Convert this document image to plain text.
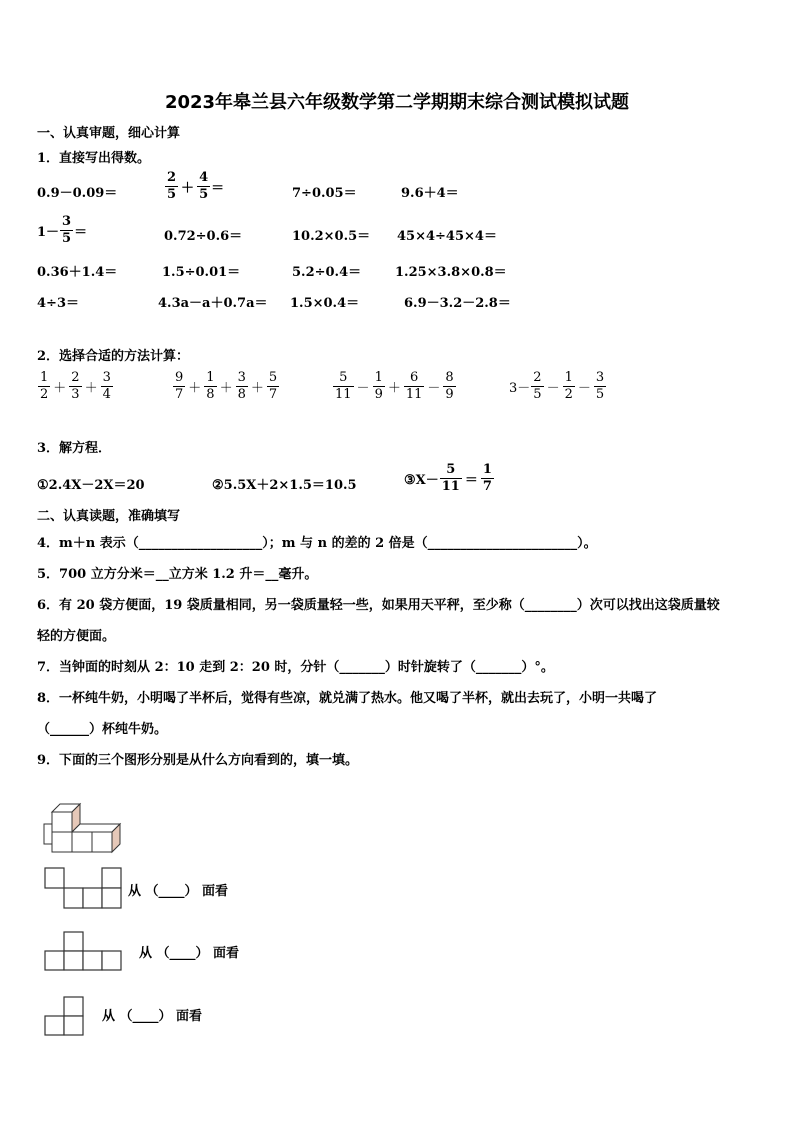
2023年皋兰县六年级数学第二学期期末综合测试模拟试题
一、认真审题，细心计算
1．直接写出得数。
0.9－0.09＝	$\frac{2}{5} + \frac{4}{5}$ ＝	7÷0.05＝	9.6＋4＝
$1- \frac{3}{5}$ ＝	0.72÷0.6＝	10.2×0.5＝ 45×4÷45×4＝
0.36＋1.4＝	1.5÷0.01＝	5.2÷0.4＝	1.25×3.8×0.8＝
4÷3＝	4.3a－a＋0.7a＝ 1.5×0.4＝	6.9－3.2－2.8＝
2．选择合适的方法计算：
$\frac{1}{2} + \frac{2}{3} + \frac{3}{4}$	$\frac{9}{7} + \frac{1}{8} + \frac{3}{8} + \frac{5}{7}$	$\frac{5}{11} - \frac{1}{9} + \frac{6}{11} - \frac{8}{9}$	$3- \frac{2}{5} - \frac{1}{2} - \frac{3}{5}$
3．解方程．
①2.4X－2X＝20	②5.5X＋2×1.5＝10.5	③X－ $\frac{5}{11} = \frac{1}{7}$
二、认真读题，准确填写
4．m＋n 表示（___________________）；m 与 n 的差的 2 倍是（_______________________）。
5．700 立方分米＝__立方米 1.2 升＝__毫升。
6．有 20 袋方便面，19 袋质量相同，另一袋质量轻一些，如果用天平秤，至少称（________）次可以找出这袋质量较
轻的方便面。
7．当钟面的时刻从 2：10 走到 2：20 时，分针（_______）时针旋转了（_______）°。
8．一杯纯牛奶，小明喝了半杯后，觉得有些凉，就兑满了热水。他又喝了半杯，就出去玩了，小明一共喝了
（______）杯纯牛奶。
9．下面的三个图形分别是从什么方向看到的，填一填。
从 （____） 面看
从 （____） 面看
从 （____） 面看
